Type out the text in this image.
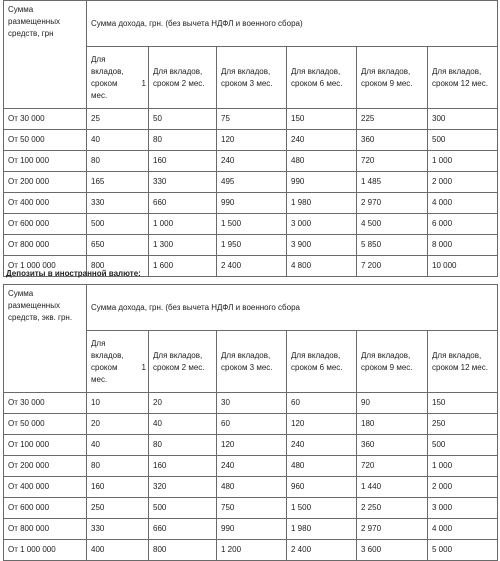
Сумма размещенных средств, грн	Сумма дохода, грн. (без вычета НДФЛ и военного сбора)					

	Для
вкладов,
сроком 1
мес.	Для вкладов, сроком 2 мес.	Для вкладов, сроком 3 мес.	Для вкладов, сроком 6 мес.	Для вкладов, сроком 9 мес.	Для вкладов, сроком 12 мес.
От 30 000	25	50	75	150	225	300
От 50 000	40	80	120	240	360	500
От 100 000	80	160	240	480	720	1 000
От 200 000	165	330	495	990	1 485	2 000
От 400 000	330	660	990	1 980	2 970	4 000
От 600 000	500	1 000	1 500	3 000	4 500	6 000
От 800 000	650	1 300	1 950	3 900	5 850	8 000
От 1 000 000	800	1 600	2 400	4 800	7 200	10 000
Депозиты в иностранной валюте:
Сумма размещенных средств, экв. грн.	Сумма дохода, грн. (без вычета НДФЛ и военного сбора					

	Для
вкладов,
сроком 1
мес.	Для вкладов, сроком 2 мес.	Для вкладов, сроком 3 мес.	Для вкладов, сроком 6 мес.	Для вкладов, сроком 9 мес.	Для вкладов, сроком 12 мес.
От 30 000	10	20	30	60	90	150
От 50 000	20	40	60	120	180	250
От 100 000	40	80	120	240	360	500
От 200 000	80	160	240	480	720	1 000
От 400 000	160	320	480	960	1 440	2 000
От 600 000	250	500	750	1 500	2 250	3 000
От 800 000	330	660	990	1 980	2 970	4 000
От 1 000 000	400	800	1 200	2 400	3 600	5 000
